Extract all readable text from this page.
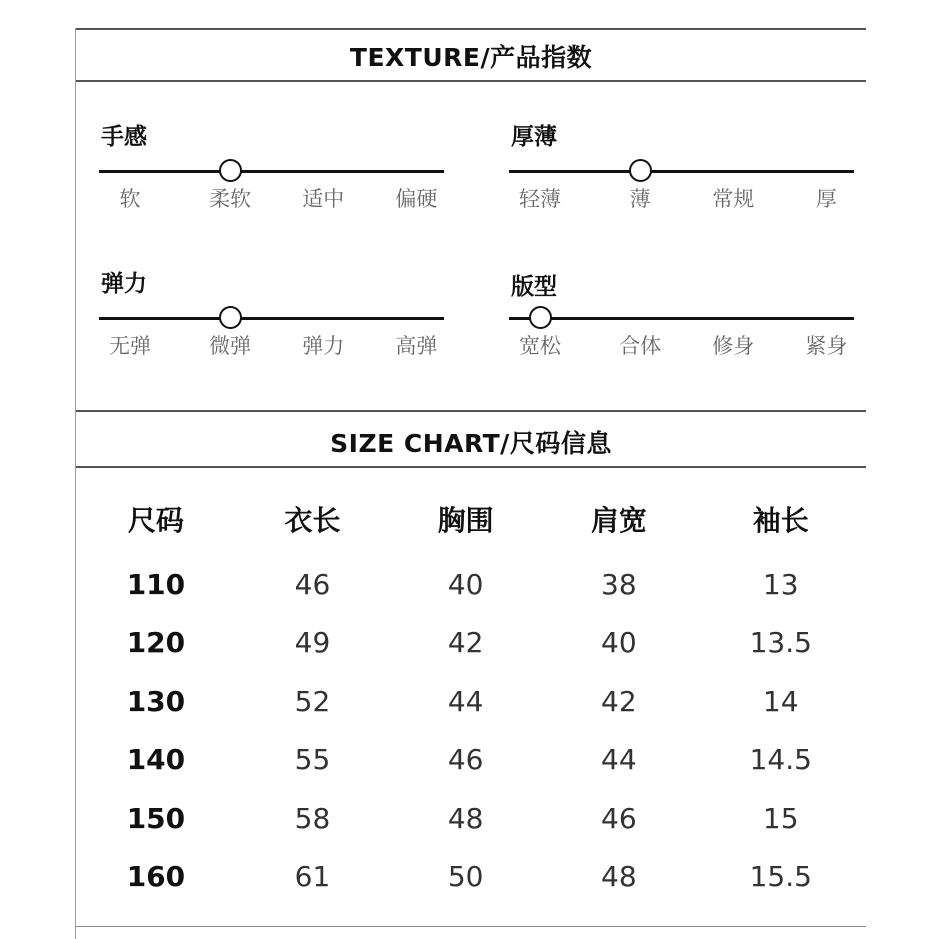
TEXTURE/产品指数
手感
软	柔软 适中 偏硬
厚薄
轻薄	薄	常规	厚
弹力
无弹	微弹 弹力 高弹
版型
宽松	合体 修身 紧身
SIZE CHART/尺码信息
尺码	衣长	胸围	肩宽	袖长
110	46	40	38	13
120	49	42	40	13.5
130	52	44	42	14
140	55	46	44	14.5
150	58	48	46	15
160	61	50	48	15.5
